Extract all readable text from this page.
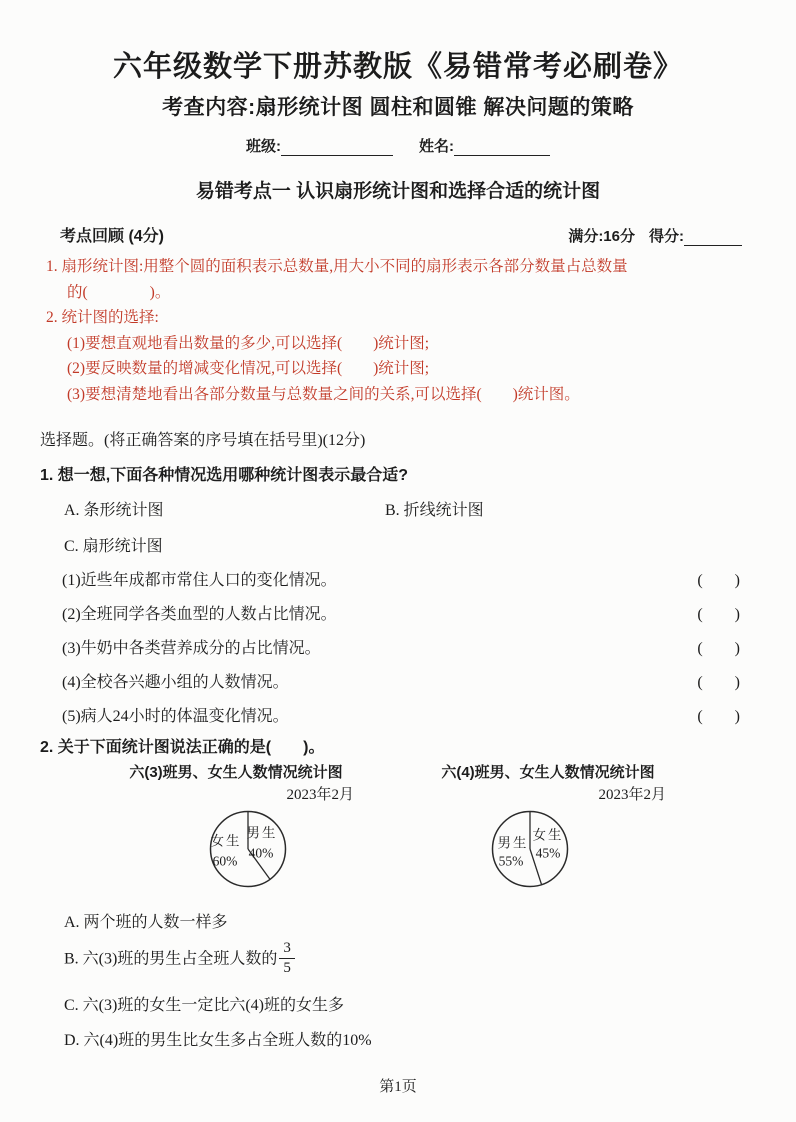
六年级数学下册苏教版《易错常考必刷卷》
考查内容:扇形统计图 圆柱和圆锥 解决问题的策略
班级:	姓名:
易错考点一 认识扇形统计图和选择合适的统计图
考点回顾 (4分)	满分:16分 得分:
1. 扇形统计图:用整个圆的面积表示总数量,用大小不同的扇形表示各部分数量占总数量
的(　　　　)。
2. 统计图的选择:
(1)要想直观地看出数量的多少,可以选择(　　)统计图;
(2)要反映数量的增减变化情况,可以选择(　　)统计图;
(3)要想清楚地看出各部分数量与总数量之间的关系,可以选择(　　)统计图。
选择题。(将正确答案的序号填在括号里)(12分)
1. 想一想,下面各种情况选用哪种统计图表示最合适?
A. 条形统计图	B. 折线统计图
C. 扇形统计图
(1)近些年成都市常住人口的变化情况。	(　　)
(2)全班同学各类血型的人数占比情况。	(　　)
(3)牛奶中各类营养成分的占比情况。	(　　)
(4)全校各兴趣小组的人数情况。	(　　)
(5)病人24小时的体温变化情况。	(　　)
2. 关于下面统计图说法正确的是(　　)。
六(3)班男、女生人数情况统计图
2023年2月
男生
40%
女生
60%
六(4)班男、女生人数情况统计图
2023年2月
男生
55%
女生
45%
A. 两个班的人数一样多
B. 六(3)班的男生占全班人数的 $\frac{3}{5}$
C. 六(3)班的女生一定比六(4)班的女生多
D. 六(4)班的男生比女生多占全班人数的10%
第1页
